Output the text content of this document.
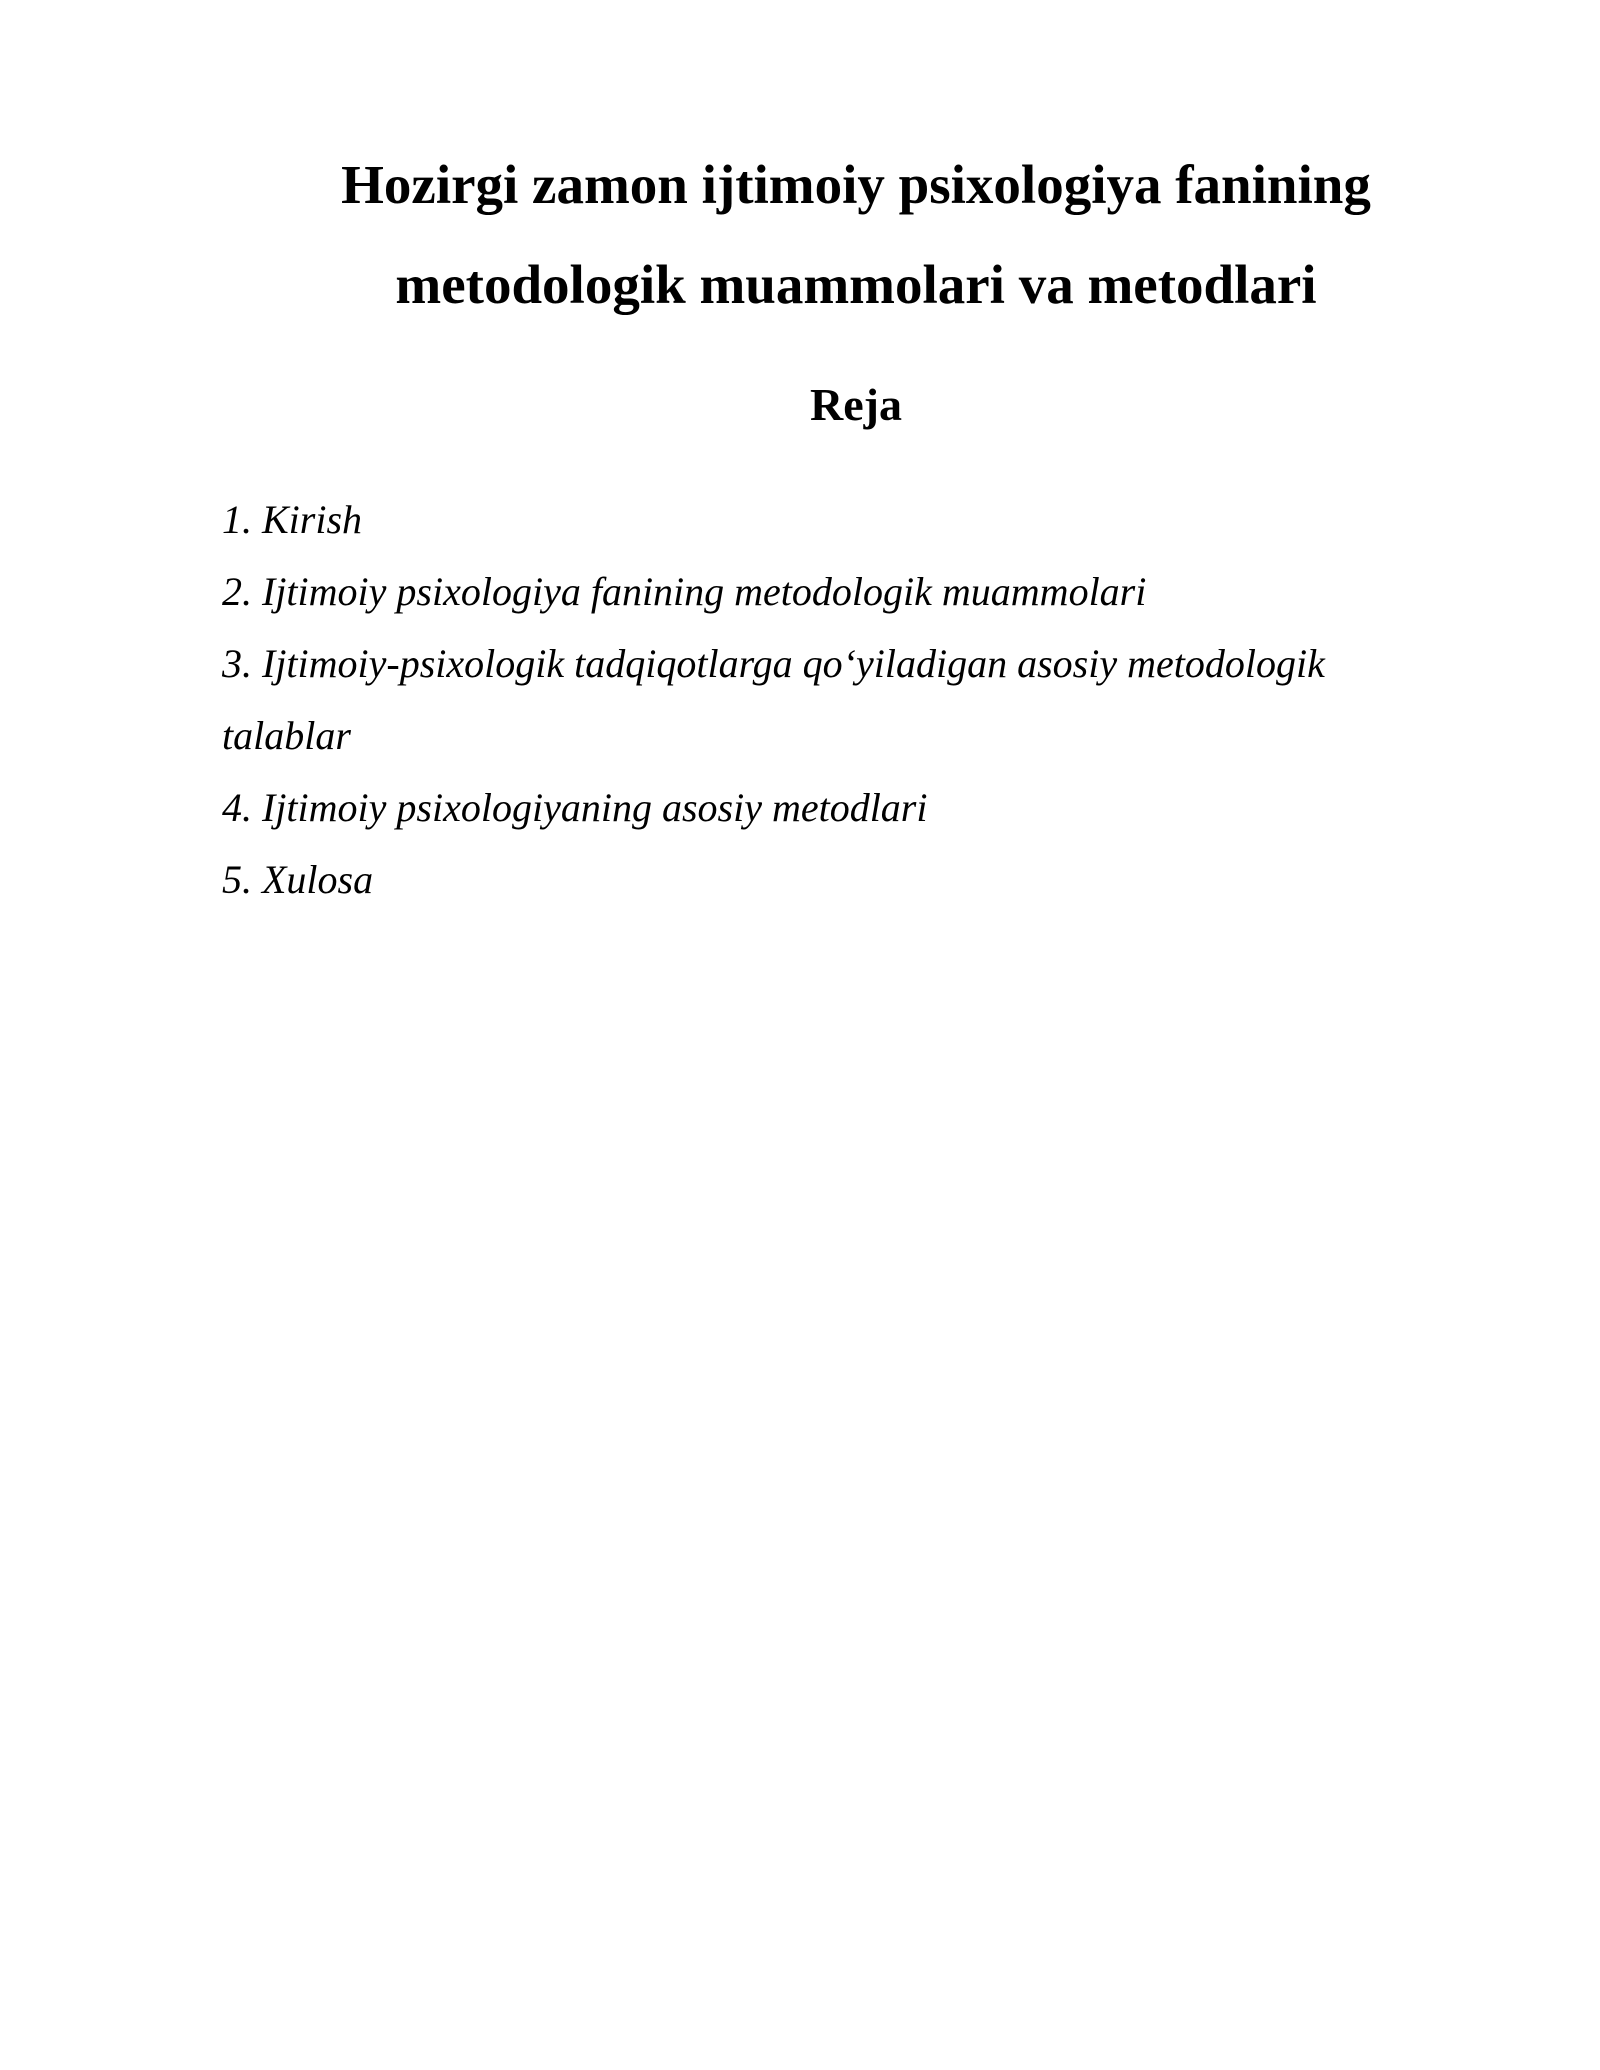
Hozirgi zamon ijtimoiy psixologiya fanining
metodologik muammolari va metodlari
Reja
1. Kirish
2. Ijtimoiy psixologiya fanining metodologik muammolari
3. Ijtimoiy-psixologik tadqiqotlarga qo‘yiladigan asosiy metodologik talablar
4. Ijtimoiy psixologiyaning asosiy metodlari
5. Xulosa
